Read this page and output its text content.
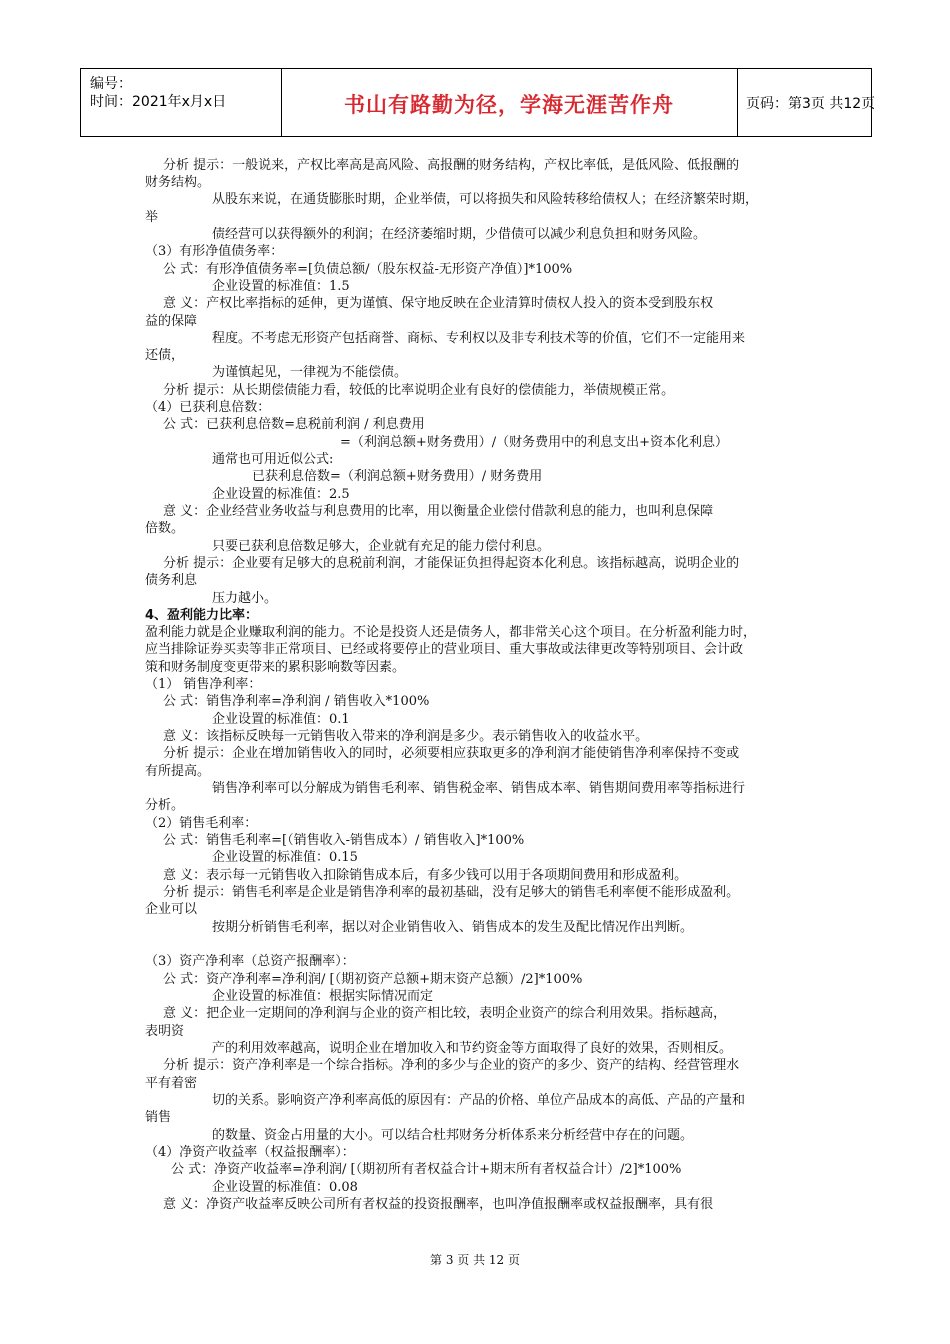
编号：
时间：2021年x月x日	书山有路勤为径，学海无涯苦作舟	页码：第3页 共12页
分析 提示：一般说来，产权比率高是高风险、高报酬的财务结构，产权比率低，是低风险、低报酬的
财务结构。
从股东来说，在通货膨胀时期，企业举债，可以将损失和风险转移给债权人；在经济繁荣时期，
举
债经营可以获得额外的利润；在经济萎缩时期，少借债可以减少利息负担和财务风险。
（3）有形净值债务率：
公 式：有形净值债务率=[负债总额/（股东权益-无形资产净值）]*100%
企业设置的标准值：1.5
意 义：产权比率指标的延伸，更为谨慎、保守地反映在企业清算时债权人投入的资本受到股东权
益的保障
程度。不考虑无形资产包括商誉、商标、专利权以及非专利技术等的价值，它们不一定能用来
还债，
为谨慎起见，一律视为不能偿债。
分析 提示：从长期偿债能力看，较低的比率说明企业有良好的偿债能力，举债规模正常。
（4）已获利息倍数：
公 式：已获利息倍数=息税前利润 / 利息费用
=（利润总额+财务费用）/（财务费用中的利息支出+资本化利息）
通常也可用近似公式:
已获利息倍数=（利润总额+财务费用）/ 财务费用
企业设置的标准值：2.5
意 义：企业经营业务收益与利息费用的比率，用以衡量企业偿付借款利息的能力，也叫利息保障
倍数。
只要已获利息倍数足够大，企业就有充足的能力偿付利息。
分析 提示：企业要有足够大的息税前利润，才能保证负担得起资本化利息。该指标越高，说明企业的
债务利息
压力越小。
4、盈利能力比率：
盈利能力就是企业赚取利润的能力。不论是投资人还是债务人，都非常关心这个项目。在分析盈利能力时，
应当排除证券买卖等非正常项目、已经或将要停止的营业项目、重大事故或法律更改等特别项目、会计政
策和财务制度变更带来的累积影响数等因素。
（1） 销售净利率：
公 式：销售净利率=净利润 / 销售收入*100%
企业设置的标准值：0.1
意 义：该指标反映每一元销售收入带来的净利润是多少。表示销售收入的收益水平。
分析 提示：企业在增加销售收入的同时，必须要相应获取更多的净利润才能使销售净利率保持不变或
有所提高。
销售净利率可以分解成为销售毛利率、销售税金率、销售成本率、销售期间费用率等指标进行
分析。
（2）销售毛利率：
公 式：销售毛利率=[（销售收入-销售成本）/ 销售收入]*100%
企业设置的标准值：0.15
意 义：表示每一元销售收入扣除销售成本后，有多少钱可以用于各项期间费用和形成盈利。
分析 提示：销售毛利率是企业是销售净利率的最初基础，没有足够大的销售毛利率便不能形成盈利。
企业可以
按期分析销售毛利率，据以对企业销售收入、销售成本的发生及配比情况作出判断。
（3）资产净利率（总资产报酬率）：
公 式：资产净利率=净利润/ [（期初资产总额+期末资产总额）/2]*100%
企业设置的标准值：根据实际情况而定
意 义：把企业一定期间的净利润与企业的资产相比较，表明企业资产的综合利用效果。指标越高，
表明资
产的利用效率越高，说明企业在增加收入和节约资金等方面取得了良好的效果，否则相反。
分析 提示：资产净利率是一个综合指标。净利的多少与企业的资产的多少、资产的结构、经营管理水
平有着密
切的关系。影响资产净利率高低的原因有：产品的价格、单位产品成本的高低、产品的产量和
销售
的数量、资金占用量的大小。可以结合杜邦财务分析体系来分析经营中存在的问题。
（4）净资产收益率（权益报酬率）：
公 式：净资产收益率=净利润/ [（期初所有者权益合计+期末所有者权益合计）/2]*100%
企业设置的标准值：0.08
意 义：净资产收益率反映公司所有者权益的投资报酬率，也叫净值报酬率或权益报酬率，具有很
第 3 页 共 12 页
